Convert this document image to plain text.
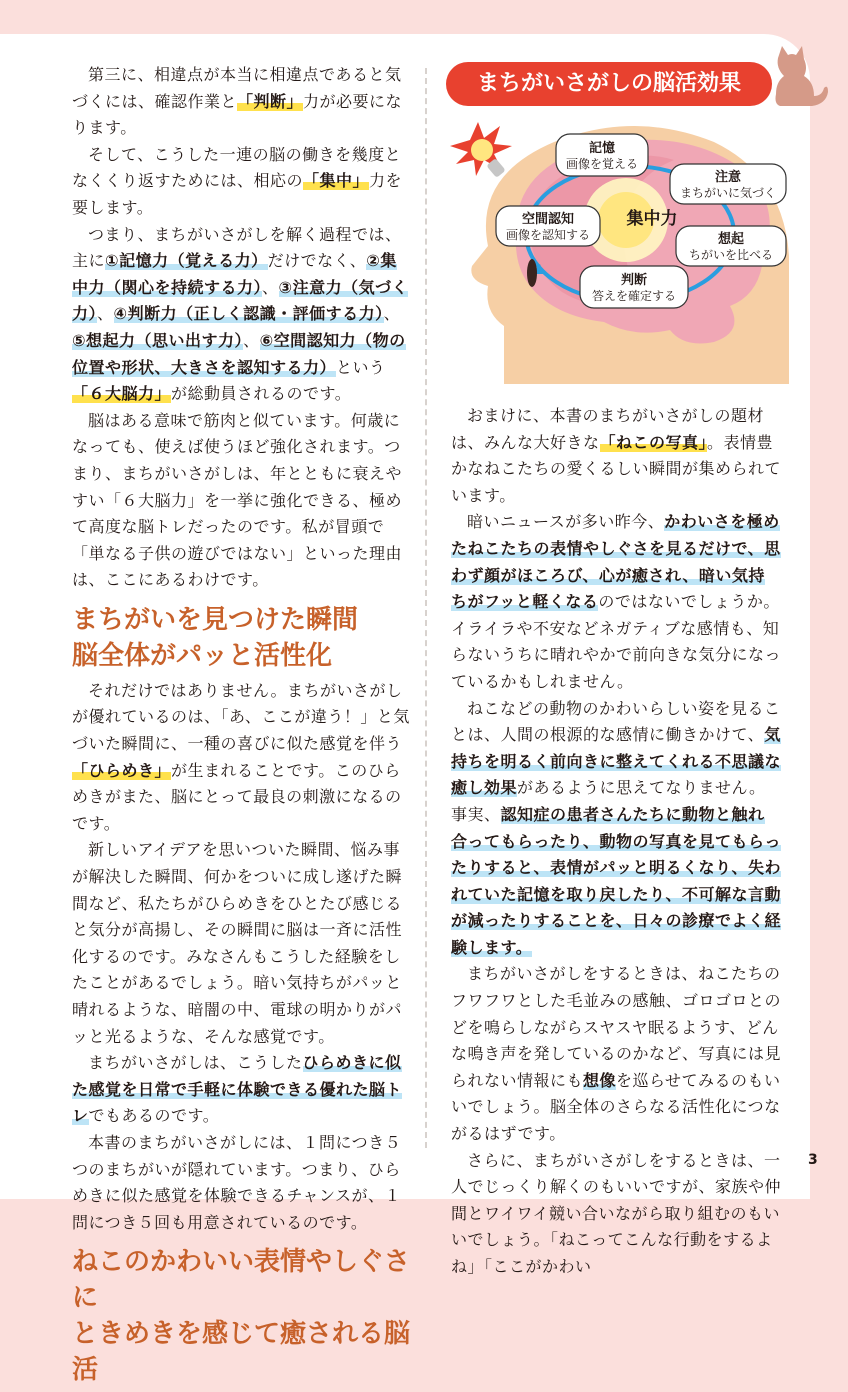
第三に、相違点が本当に相違点であると気づくには、確認作業と「判断」力が必要になります。

そして、こうした一連の脳の働きを幾度となくくり返すためには、相応の「集中」力を要します。

つまり、まちがいさがしを解く過程では、主に①記憶力（覚える力）だけでなく、②集中力（関心を持続する力）、③注意力（気づく力）、④判断力（正しく認識・評価する力）、⑤想起力（思い出す力）、⑥空間認知力（物の位置や形状、大きさを認知する力）という「６大脳力」が総動員されるのです。

脳はある意味で筋肉と似ています。何歳になっても、使えば使うほど強化されます。つまり、まちがいさがしは、年とともに衰えやすい「６大脳力」を一挙に強化できる、極めて高度な脳トレだったのです。私が冒頭で「単なる子供の遊びではない」といった理由は、ここにあるわけです。

まちがいを見つけた瞬間
脳全体がパッと活性化

それだけではありません。まちがいさがしが優れているのは、「あ、ここが違う！」と気づいた瞬間に、一種の喜びに似た感覚を伴う「ひらめき」が生まれることです。このひらめきがまた、脳にとって最良の刺激になるのです。

新しいアイデアを思いついた瞬間、悩み事が解決した瞬間、何かをついに成し遂げた瞬間など、私たちがひらめきをひとたび感じると気分が高揚し、その瞬間に脳は一斉に活性化するのです。みなさんもこうした経験をしたことがあるでしょう。暗い気持ちがパッと晴れるような、暗闇の中、電球の明かりがパッと光るような、そんな感覚です。

まちがいさがしは、こうしたひらめきに似た感覚を日常で手軽に体験できる優れた脳トレでもあるのです。

本書のまちがいさがしには、１問につき５つのまちがいが隠れています。つまり、ひらめきに似た感覚を体験できるチャンスが、１問につき５回も用意されているのです。

ねこのかわいい表情やしぐさに
ときめきを感じて癒される脳活
まちがいさがしの脳活効果
記憶
画像を覚える
注意
まちがいに気づく
空間認知
画像を認知する
集中力
想起
ちがいを比べる
判断
答えを確定する

おまけに、本書のまちがいさがしの題材は、みんな大好きな「ねこの写真」。表情豊かなねこたちの愛くるしい瞬間が集められています。

暗いニュースが多い昨今、かわいさを極めたねこたちの表情やしぐさを見るだけで、思わず顔がほころび、心が癒され、暗い気持ちがフッと軽くなるのではないでしょうか。イライラや不安などネガティブな感情も、知らないうちに晴れやかで前向きな気分になっているかもしれません。

ねこなどの動物のかわいらしい姿を見ることは、人間の根源的な感情に働きかけて、気持ちを明るく前向きに整えてくれる不思議な癒し効果があるように思えてなりません。事実、認知症の患者さんたちに動物と触れ合ってもらったり、動物の写真を見てもらったりすると、表情がパッと明るくなり、失われていた記憶を取り戻したり、不可解な言動が減ったりすることを、日々の診療でよく経験します。

まちがいさがしをするときは、ねこたちのフワフワとした毛並みの感触、ゴロゴロとのどを鳴らしながらスヤスヤ眠るようす、どんな鳴き声を発しているのかなど、写真には見られない情報にも想像を巡らせてみるのもいいでしょう。脳全体のさらなる活性化につながるはずです。

さらに、まちがいさがしをするときは、一人でじっくり解くのもいいですが、家族や仲間とワイワイ競い合いながら取り組むのもいいでしょう。「ねこってこんな行動をするよね」「ここがかわい

3
